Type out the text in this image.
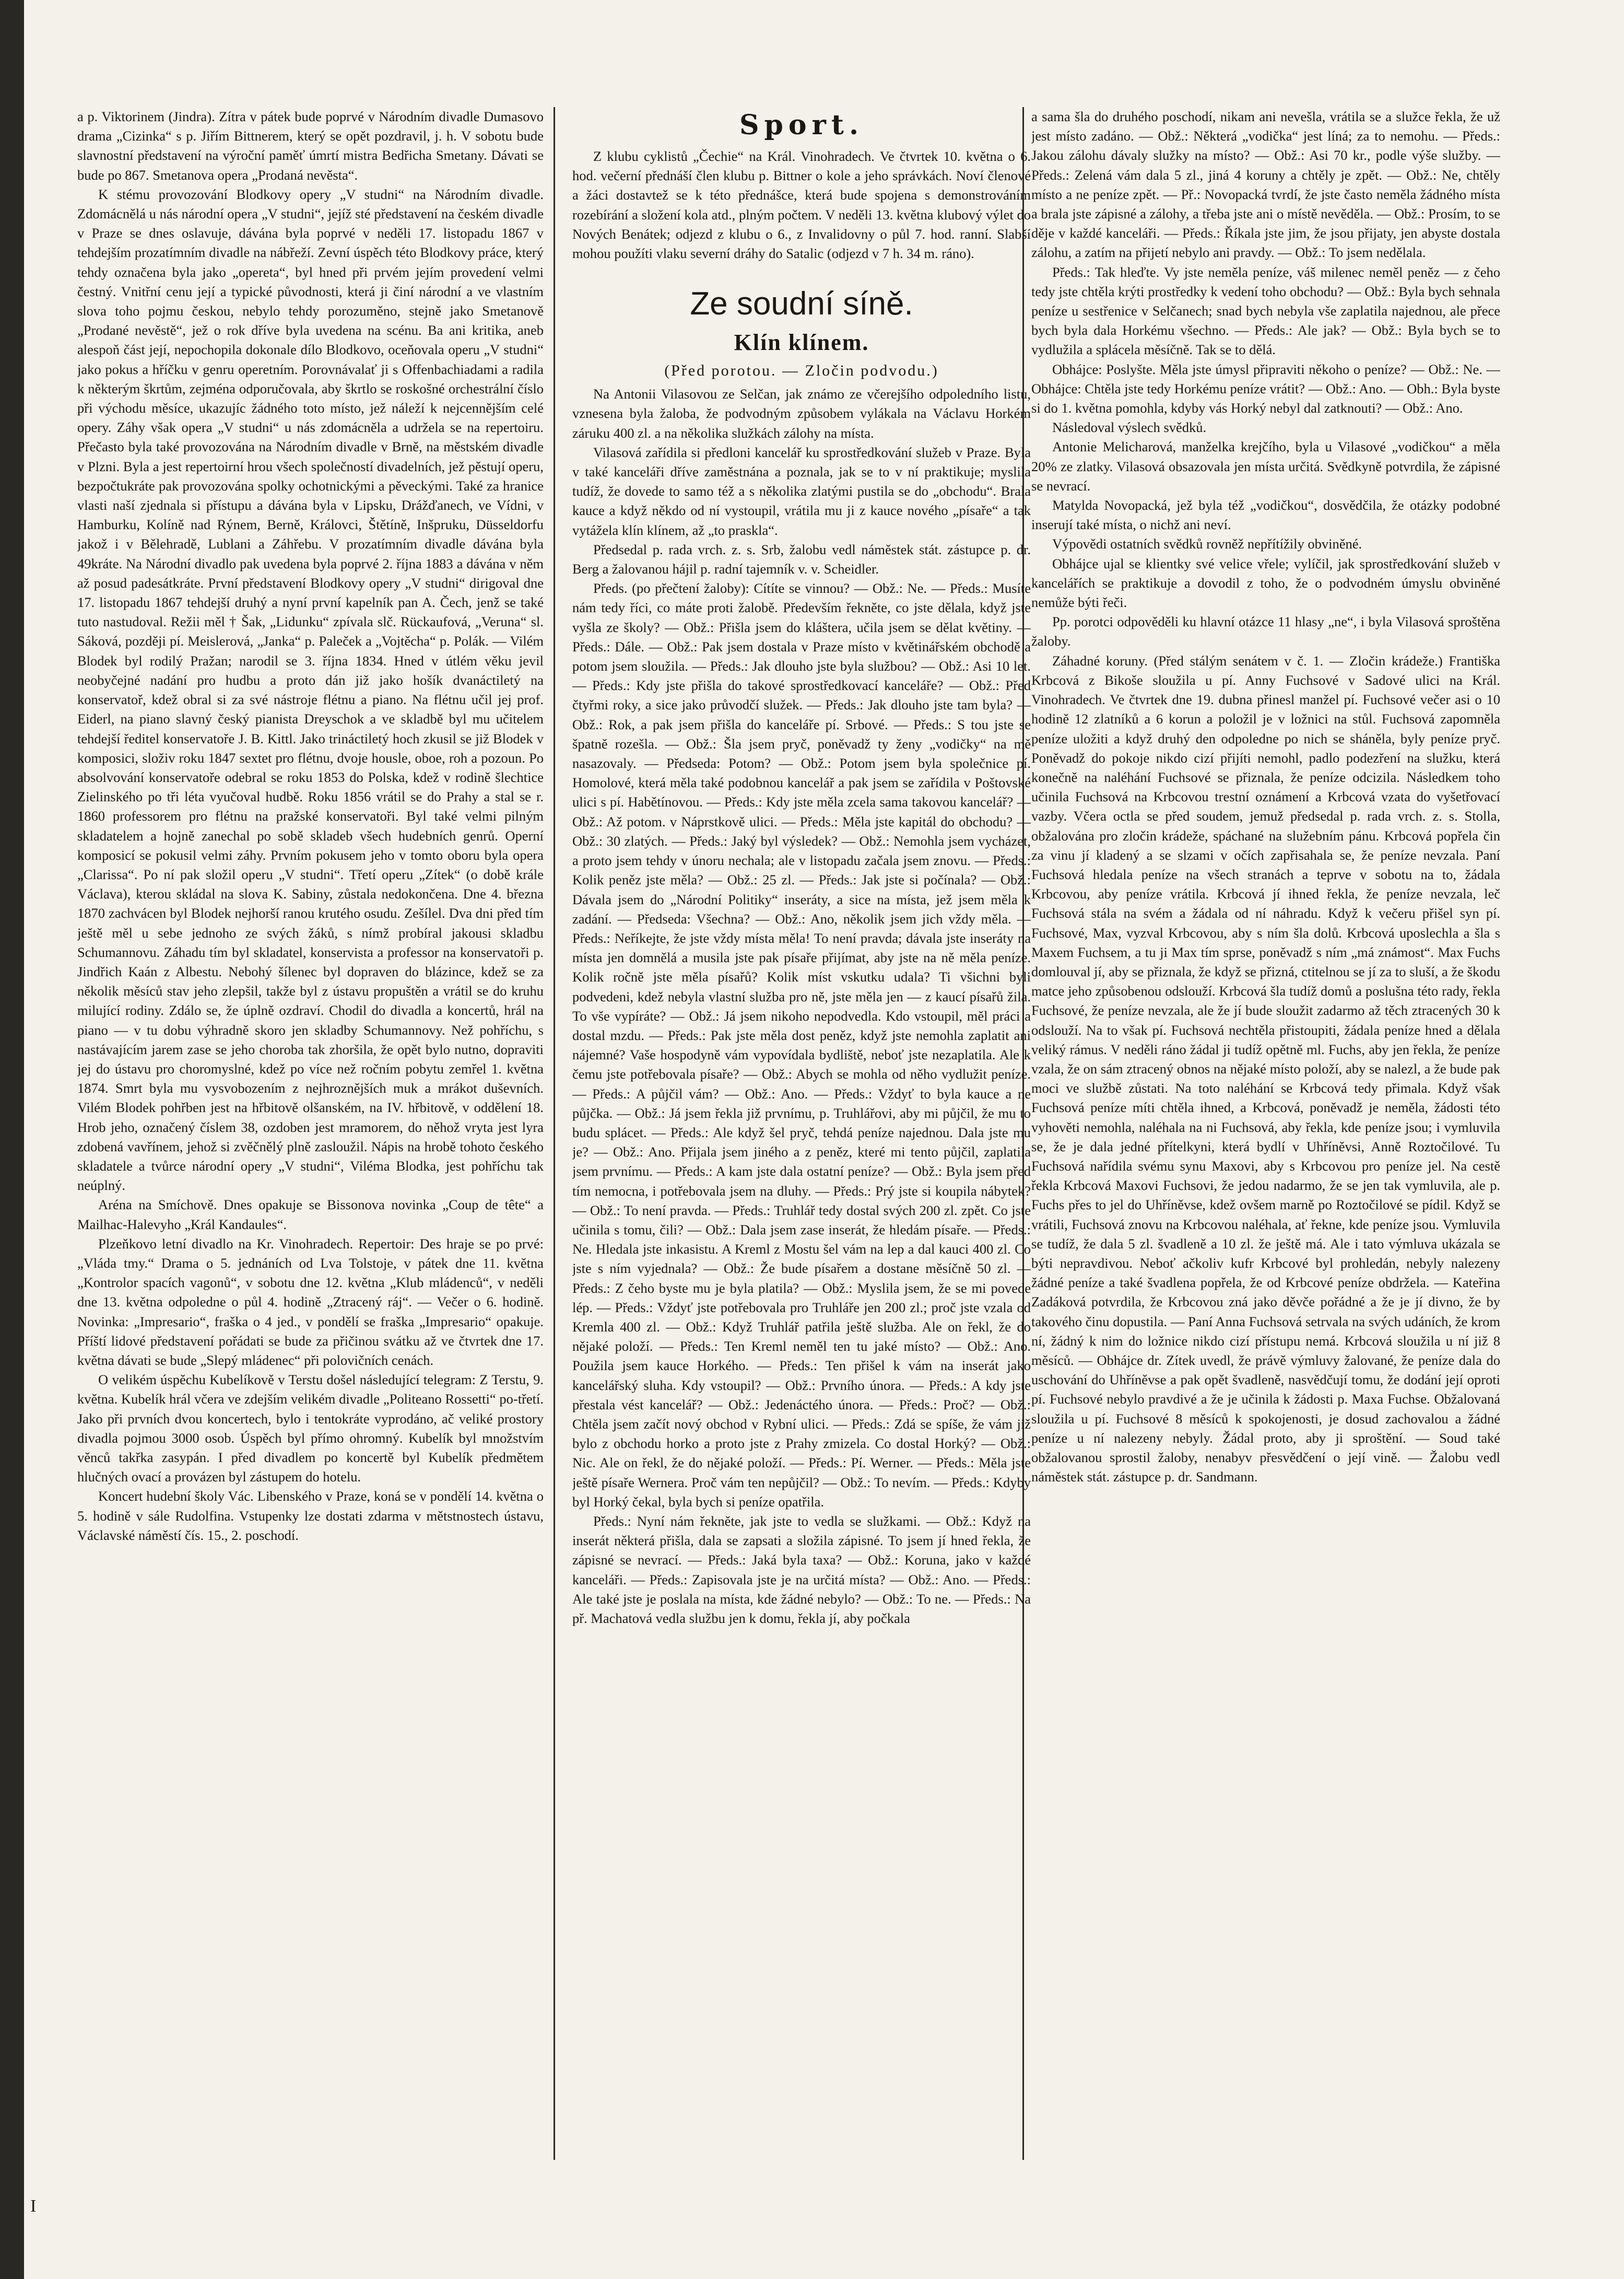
a p. Viktorinem (Jindra). Zítra v pátek bude poprvé v Národním divadle Dumasovo drama „Cizinka“ s p. Jiřím Bittnerem, který se opět pozdravil, j. h. V sobotu bude slavnostní představení na výroční paměť úmrtí mistra Bedřicha Smetany. Dávati se bude po 867. Smetanova opera „Prodaná nevěsta“.

K stému provozování Blodkovy opery „V studni“ na Národním divadle. Zdomácnělá u nás národní opera „V studni“, jejíž sté představení na českém divadle v Praze se dnes oslavuje, dávána byla poprvé v neděli 17. listopadu 1867 v tehdejším prozatímním divadle na nábřeží. Zevní úspěch této Blodkovy práce, který tehdy označena byla jako „opereta“, byl hned při prvém jejím provedení velmi čestný. Vnitřní cenu její a typické původnosti, která ji činí národní a ve vlastním slova toho pojmu českou, nebylo tehdy porozuměno, stejně jako Smetanově „Prodané nevěstě“, jež o rok dříve byla uvedena na scénu. Ba ani kritika, aneb alespoň část její, nepochopila dokonale dílo Blodkovo, oceňovala operu „V studni“ jako pokus a hříčku v genru operetním. Porovnávalať ji s Offenbachiadami a radila k některým škrtům, zejména odporučovala, aby škrtlo se roskošné orchestrální číslo při východu měsíce, ukazujíc žádného toto místo, jež náleží k nejcennějším celé opery. Záhy však opera „V studni“ u nás zdomácněla a udržela se na repertoiru. Přečasto byla také provozována na Národním divadle v Brně, na městském divadle v Plzni. Byla a jest repertoirní hrou všech společností divadelních, jež pěstují operu, bezpočtukráte pak provozována spolky ochotnickými a pěveckými. Také za hranice vlasti naší zjednala si přístupu a dávána byla v Lipsku, Drážďanech, ve Vídni, v Hamburku, Kolíně nad Rýnem, Berně, Královci, Štětíně, Inšpruku, Düsseldorfu jakož i v Bělehradě, Lublani a Záhřebu. V prozatímním divadle dávána byla 49kráte. Na Národní divadlo pak uvedena byla poprvé 2. října 1883 a dávána v něm až posud padesátkráte. První představení Blodkovy opery „V studni“ dirigoval dne 17. listopadu 1867 tehdejší druhý a nyní první kapelník pan A. Čech, jenž se také tuto nastudoval. Režii měl † Šak, „Lidunku“ zpívala slč. Rückaufová, „Veruna“ sl. Sáková, později pí. Meislerová, „Janka“ p. Paleček a „Vojtěcha“ p. Polák. — Vilém Blodek byl rodilý Pražan; narodil se 3. října 1834. Hned v útlém věku jevil neobyčejné nadání pro hudbu a proto dán již jako hošík dvanáctiletý na konservatoř, kdež obral si za své nástroje flétnu a piano. Na flétnu učil jej prof. Eiderl, na piano slavný český pianista Dreyschok a ve skladbě byl mu učitelem tehdejší ředitel konservatoře J. B. Kittl. Jako trináctiletý hoch zkusil se již Blodek v komposici, složiv roku 1847 sextet pro flétnu, dvoje housle, oboe, roh a pozoun. Po absolvování konservatoře odebral se roku 1853 do Polska, kdež v rodině šlechtice Zielinského po tři léta vyučoval hudbě. Roku 1856 vrátil se do Prahy a stal se r. 1860 professorem pro flétnu na pražské konservatoři. Byl také velmi pilným skladatelem a hojně zanechal po sobě skladeb všech hudebních genrů. Operní komposicí se pokusil velmi záhy. Prvním pokusem jeho v tomto oboru byla opera „Clarissa“. Po ní pak složil operu „V studni“. Třetí operu „Zítek“ (o době krále Václava), kterou skládal na slova K. Sabiny, zůstala nedokončena. Dne 4. března 1870 zachvácen byl Blodek nejhorší ranou krutého osudu. Zešílel. Dva dni před tím ještě měl u sebe jednoho ze svých žáků, s nímž probíral jakousi skladbu Schumannovu. Záhadu tím byl skladatel, konservista a professor na konservatoři p. Jindřich Kaán z Albestu. Nebohý šílenec byl dopraven do blázince, kdež se za několik měsíců stav jeho zlepšil, takže byl z ústavu propuštěn a vrátil se do kruhu milující rodiny. Zdálo se, že úplně ozdraví. Chodil do divadla a koncertů, hrál na piano — v tu dobu výhradně skoro jen skladby Schumannovy. Než pohříchu, s nastávajícím jarem zase se jeho choroba tak zhoršila, že opět bylo nutno, dopraviti jej do ústavu pro choromyslné, kdež po více než ročním pobytu zemřel 1. května 1874. Smrt byla mu vysvobozením z nejhroznějších muk a mrákot duševních. Vilém Blodek pohřben jest na hřbitově olšanském, na IV. hřbitově, v oddělení 18. Hrob jeho, označený číslem 38, ozdoben jest mramorem, do něhož vryta jest lyra zdobená vavřínem, jehož si zvěčnělý plně zasloužil. Nápis na hrobě tohoto českého skladatele a tvůrce národní opery „V studni“, Viléma Blodka, jest pohříchu tak neúplný.

Aréna na Smíchově. Dnes opakuje se Bissonova novinka „Coup de tête“ a Mailhac-Halevyho „Král Kandaules“.

Plzeňkovo letní divadlo na Kr. Vinohradech. Repertoir: Des hraje se po prvé: „Vláda tmy.“ Drama o 5. jednáních od Lva Tolstoje, v pátek dne 11. května „Kontrolor spacích vagonů“, v sobotu dne 12. května „Klub mládenců“, v neděli dne 13. května odpoledne o půl 4. hodině „Ztracený ráj“. — Večer o 6. hodině. Novinka: „Impresario“, fraška o 4 jed., v pondělí se fraška „Impresario“ opakuje. Příští lidové představení pořádati se bude za přičinou svátku až ve čtvrtek dne 17. května dávati se bude „Slepý mládenec“ při polovičních cenách.

O velikém úspěchu Kubelíkově v Terstu došel následující telegram: Z Terstu, 9. května. Kubelík hrál včera ve zdejším velikém divadle „Politeano Rossetti“ po-třetí. Jako při prvních dvou koncertech, bylo i tentokráte vyprodáno, ač veliké prostory divadla pojmou 3000 osob. Úspěch byl přímo ohromný. Kubelík byl množstvím věnců takřka zasypán. I před divadlem po koncertě byl Kubelík předmětem hlučných ovací a provázen byl zástupem do hotelu.

Koncert hudební školy Vác. Libenského v Praze, koná se v pondělí 14. května o 5. hodině v sále Rudolfina. Vstupenky lze dostati zdarma v mětstnostech ústavu, Václavské náměstí čís. 15., 2. poschodí.

Sport.

Z klubu cyklistů „Čechie“ na Král. Vinohradech. Ve čtvrtek 10. května o 6. hod. večerní přednáší člen klubu p. Bittner o kole a jeho správkách. Noví členové a žáci dostavtež se k této přednášce, která bude spojena s demonstrováním rozebírání a složení kola atd., plným počtem. V neděli 13. května klubový výlet do Nových Benátek; odjezd z klubu o 6., z Invalidovny o půl 7. hod. ranní. Slabší mohou použíti vlaku severní dráhy do Satalic (odjezd v 7 h. 34 m. ráno).

Ze soudní síně.
Klín klínem.
(Před porotou. — Zločin podvodu.)

Na Antonii Vilasovou ze Selčan, jak známo ze včerejšího odpoledního listu, vznesena byla žaloba, že podvodným způsobem vylákala na Václavu Horkém záruku 400 zl. a na několika služkách zálohy na místa.

Vilasová zařídila si předloni kancelář ku sprostředkování služeb v Praze. Byla v také kanceláři dříve zaměstnána a poznala, jak se to v ní praktikuje; myslila tudíž, že dovede to samo též a s několika zlatými pustila se do „obchodu“. Brala kauce a když někdo od ní vystoupil, vrátila mu ji z kauce nového „písaře“ a tak vytážela klín klínem, až „to praskla“.

Předsedal p. rada vrch. z. s. Srb, žalobu vedl náměstek stát. zástupce p. dr. Berg a žalovanou hájil p. radní tajemník v. v. Scheidler.

Předs. (po přečtení žaloby): Cítíte se vinnou? — Obž.: Ne. — Předs.: Musíte nám tedy říci, co máte proti žalobě. Především řekněte, co jste dělala, když jste vyšla ze školy? — Obž.: Přišla jsem do kláštera, učila jsem se dělat květiny. — Předs.: Dále. — Obž.: Pak jsem dostala v Praze místo v květinářském obchodě a potom jsem sloužila. — Předs.: Jak dlouho jste byla službou? — Obž.: Asi 10 let. — Předs.: Kdy jste přišla do takové sprostředkovací kanceláře? — Obž.: Před čtyřmi roky, a sice jako průvodčí služek. — Předs.: Jak dlouho jste tam byla? — Obž.: Rok, a pak jsem přišla do kanceláře pí. Srbové. — Předs.: S tou jste se špatně rozešla. — Obž.: Šla jsem pryč, poněvadž ty ženy „vodičky“ na mě nasazovaly. — Předseda: Potom? — Obž.: Potom jsem byla společnice pí. Homolové, která měla také podobnou kancelář a pak jsem se zařídila v Poštovské ulici s pí. Habětínovou. — Předs.: Kdy jste měla zcela sama takovou kancelář? — Obž.: Až potom. v Náprstkově ulici. — Předs.: Měla jste kapitál do obchodu? — Obž.: 30 zlatých. — Předs.: Jaký byl výsledek? — Obž.: Nemohla jsem vycházet, a proto jsem tehdy v únoru nechala; ale v listopadu začala jsem znovu. — Předs.: Kolik peněz jste měla? — Obž.: 25 zl. — Předs.: Jak jste si počínala? — Obž.: Dávala jsem do „Národní Politiky“ inseráty, a sice na místa, jež jsem měla k zadání. — Předseda: Všechna? — Obž.: Ano, několik jsem jich vždy měla. — Předs.: Neříkejte, že jste vždy místa měla! To není pravda; dávala jste inseráty na místa jen domnělá a musila jste pak písaře přijímat, aby jste na ně měla peníze. Kolik ročně jste měla písařů? Kolik míst vskutku udala? Ti všichni byli podvedeni, kdež nebyla vlastní služba pro ně, jste měla jen — z kaucí písařů žila. To vše vypíráte? — Obž.: Já jsem nikoho nepodvedla. Kdo vstoupil, měl práci a dostal mzdu. — Předs.: Pak jste měla dost peněz, když jste nemohla zaplatit ani nájemné? Vaše hospodyně vám vypovídala bydliště, neboť jste nezaplatila. Ale k čemu jste potřebovala písaře? — Obž.: Abych se mohla od něho vydlužit peníze. — Předs.: A půjčil vám? — Obž.: Ano. — Předs.: Vždyť to byla kauce a ne půjčka. — Obž.: Já jsem řekla již prvnímu, p. Truhlářovi, aby mi půjčil, že mu to budu splácet. — Předs.: Ale když šel pryč, tehdá peníze najednou. Dala jste mu je? — Obž.: Ano. Přijala jsem jiného a z peněz, které mi tento půjčil, zaplatila jsem prvnímu. — Předs.: A kam jste dala ostatní peníze? — Obž.: Byla jsem před tím nemocna, i potřebovala jsem na dluhy. — Předs.: Prý jste si koupila nábytek? — Obž.: To není pravda. — Předs.: Truhlář tedy dostal svých 200 zl. zpět. Co jste učinila s tomu, čili? — Obž.: Dala jsem zase inserát, že hledám písaře. — Předs.: Ne. Hledala jste inkasistu. A Kreml z Mostu šel vám na lep a dal kauci 400 zl. Co jste s ním vyjednala? — Obž.: Že bude písařem a dostane měsíčně 50 zl. — Předs.: Z čeho byste mu je byla platila? — Obž.: Myslila jsem, že se mi povede lép. — Předs.: Vždyť jste potřebovala pro Truhláře jen 200 zl.; proč jste vzala od Kremla 400 zl. — Obž.: Když Truhlář patřila ještě služba. Ale on řekl, že do nějaké položí. — Předs.: Ten Kreml neměl ten tu jaké místo? — Obž.: Ano. Použila jsem kauce Horkého. — Předs.: Ten přišel k vám na inserát jako kancelářský sluha. Kdy vstoupil? — Obž.: Prvního února. — Předs.: A kdy jste přestala vést kancelář? — Obž.: Jedenáctého února. — Předs.: Proč? — Obž.: Chtěla jsem začít nový obchod v Rybní ulici. — Předs.: Zdá se spíše, že vám již bylo z obchodu horko a proto jste z Prahy zmizela. Co dostal Horký? — Obž.: Nic. Ale on řekl, že do nějaké položí. — Předs.: Pí. Werner. — Předs.: Měla jste ještě písaře Wernera. Proč vám ten nepůjčil? — Obž.: To nevím. — Předs.: Kdyby byl Horký čekal, byla bych si peníze opatřila.

Předs.: Nyní nám řekněte, jak jste to vedla se služkami. — Obž.: Když na inserát některá přišla, dala se zapsati a složila zápisné. To jsem jí hned řekla, že zápisné se nevrací. — Předs.: Jaká byla taxa? — Obž.: Koruna, jako v každé kanceláři. — Předs.: Zapisovala jste je na určitá místa? — Obž.: Ano. — Předs.: Ale také jste je poslala na místa, kde žádné nebylo? — Obž.: To ne. — Předs.: Na př. Machatová vedla službu jen k domu, řekla jí, aby počkala

a sama šla do druhého poschodí, nikam ani nevešla, vrátila se a služce řekla, že už jest místo zadáno. — Obž.: Některá „vodička“ jest líná; za to nemohu. — Předs.: Jakou zálohu dávaly služky na místo? — Obž.: Asi 70 kr., podle výše služby. — Předs.: Zelená vám dala 5 zl., jiná 4 koruny a chtěly je zpět. — Obž.: Ne, chtěly místo a ne peníze zpět. — Př.: Novopacká tvrdí, že jste často neměla žádného místa a brala jste zápisné a zálohy, a třeba jste ani o místě nevěděla. — Obž.: Prosím, to se děje v každé kanceláři. — Předs.: Říkala jste jim, že jsou přijaty, jen abyste dostala zálohu, a zatím na přijetí nebylo ani pravdy. — Obž.: To jsem nedělala.

Předs.: Tak hleďte. Vy jste neměla peníze, váš milenec neměl peněz — z čeho tedy jste chtěla krýti prostředky k vedení toho obchodu? — Obž.: Byla bych sehnala peníze u sestřenice v Selčanech; snad bych nebyla vše zaplatila najednou, ale přece bych byla dala Horkému všechno. — Předs.: Ale jak? — Obž.: Byla bych se to vydlužila a splácela měsíčně. Tak se to dělá.

Obhájce: Poslyšte. Měla jste úmysl připraviti někoho o peníze? — Obž.: Ne. — Obhájce: Chtěla jste tedy Horkému peníze vrátit? — Obž.: Ano. — Obh.: Byla byste si do 1. května pomohla, kdyby vás Horký nebyl dal zatknouti? — Obž.: Ano.

Následoval výslech svědků.

Antonie Melicharová, manželka krejčího, byla u Vilasové „vodičkou“ a měla 20% ze zlatky. Vilasová obsazovala jen místa určitá. Svědkyně potvrdila, že zápisné se nevrací.

Matylda Novopacká, jež byla též „vodičkou“, dosvědčila, že otázky podobné inserují také místa, o nichž ani neví.

Výpovědi ostatních svědků rovněž nepřítížily obviněné.

Obhájce ujal se klientky své velice vřele; vylíčil, jak sprostředkování služeb v kancelářích se praktikuje a dovodil z toho, že o podvodném úmyslu obviněné nemůže býti řeči.

Pp. porotci odpověděli ku hlavní otázce 11 hlasy „ne“, i byla Vilasová sproštěna žaloby.

Záhadné koruny. (Před stálým senátem v č. 1. — Zločin krádeže.) Františka Krbcová z Bikoše sloužila u pí. Anny Fuchsové v Sadové ulici na Král. Vinohradech. Ve čtvrtek dne 19. dubna přinesl manžel pí. Fuchsové večer asi o 10 hodině 12 zlatníků a 6 korun a položil je v ložnici na stůl. Fuchsová zapomněla peníze uložiti a když druhý den odpoledne po nich se sháněla, byly peníze pryč. Poněvadž do pokoje nikdo cizí přijíti nemohl, padlo podezření na služku, která konečně na naléhání Fuchsové se přiznala, že peníze odcizila. Následkem toho učinila Fuchsová na Krbcovou trestní oznámení a Krbcová vzata do vyšetřovací vazby. Včera octla se před soudem, jemuž předsedal p. rada vrch. z. s. Stolla, obžalována pro zločin krádeže, spáchané na služebním pánu. Krbcová popřela čin za vinu jí kladený a se slzami v očích zapřisahala se, že peníze nevzala. Paní Fuchsová hledala peníze na všech stranách a teprve v sobotu na to, žádala Krbcovou, aby peníze vrátila. Krbcová jí ihned řekla, že peníze nevzala, leč Fuchsová stála na svém a žádala od ní náhradu. Když k večeru přišel syn pí. Fuchsové, Max, vyzval Krbcovou, aby s ním šla dolů. Krbcová uposlechla a šla s Maxem Fuchsem, a tu ji Max tím sprse, poněvadž s ním „má známost“. Max Fuchs domlouval jí, aby se přiznala, že když se přizná, ctitelnou se jí za to sluší, a že škodu matce jeho způsobenou odslouží. Krbcová šla tudíž domů a poslušna této rady, řekla Fuchsové, že peníze nevzala, ale že jí bude sloužit zadarmo až těch ztracených 30 k odslouží. Na to však pí. Fuchsová nechtěla přistoupiti, žádala peníze hned a dělala veliký rámus. V neděli ráno žádal ji tudíž opětně ml. Fuchs, aby jen řekla, že peníze vzala, že on sám ztracený obnos na nějaké místo položí, aby se nalezl, a že bude pak moci ve službě zůstati. Na toto naléhání se Krbcová tedy přimala. Když však Fuchsová peníze míti chtěla ihned, a Krbcová, poněvadž je neměla, žádosti této vyhověti nemohla, naléhala na ni Fuchsová, aby řekla, kde peníze jsou; i vymluvila se, že je dala jedné přítelkyni, která bydlí v Uhříněvsi, Anně Roztočilové. Tu Fuchsová nařídila svému synu Maxovi, aby s Krbcovou pro peníze jel. Na cestě řekla Krbcová Maxovi Fuchsovi, že jedou nadarmo, že se jen tak vymluvila, ale p. Fuchs přes to jel do Uhříněvse, kdež ovšem marně po Roztočilové se pídil. Když se vrátili, Fuchsová znovu na Krbcovou naléhala, ať řekne, kde peníze jsou. Vymluvila se tudíž, že dala 5 zl. švadleně a 10 zl. že ještě má. Ale i tato výmluva ukázala se býti nepravdivou. Neboť ačkoliv kufr Krbcové byl prohledán, nebyly nalezeny žádné peníze a také švadlena popřela, že od Krbcové peníze obdržela. — Kateřina Zadáková potvrdila, že Krbcovou zná jako děvče pořádné a že je jí divno, že by takového činu dopustila. — Paní Anna Fuchsová setrvala na svých udáních, že krom ní, žádný k nim do ložnice nikdo cizí přístupu nemá. Krbcová sloužila u ní již 8 měsíců. — Obhájce dr. Zítek uvedl, že právě výmluvy žalované, že peníze dala do uschování do Uhříněvse a pak opět švadleně, nasvědčují tomu, že dodání její oproti pí. Fuchsové nebylo pravdivé a že je učinila k žádosti p. Maxa Fuchse. Obžalovaná sloužila u pí. Fuchsové 8 měsíců k spokojenosti, je dosud zachovalou a žádné peníze u ní nalezeny nebyly. Žádal proto, aby ji sproštění. — Soud také obžalovanou sprostil žaloby, nenabyv přesvědčení o její vině. — Žalobu vedl náměstek stát. zástupce p. dr. Sandmann.

I
